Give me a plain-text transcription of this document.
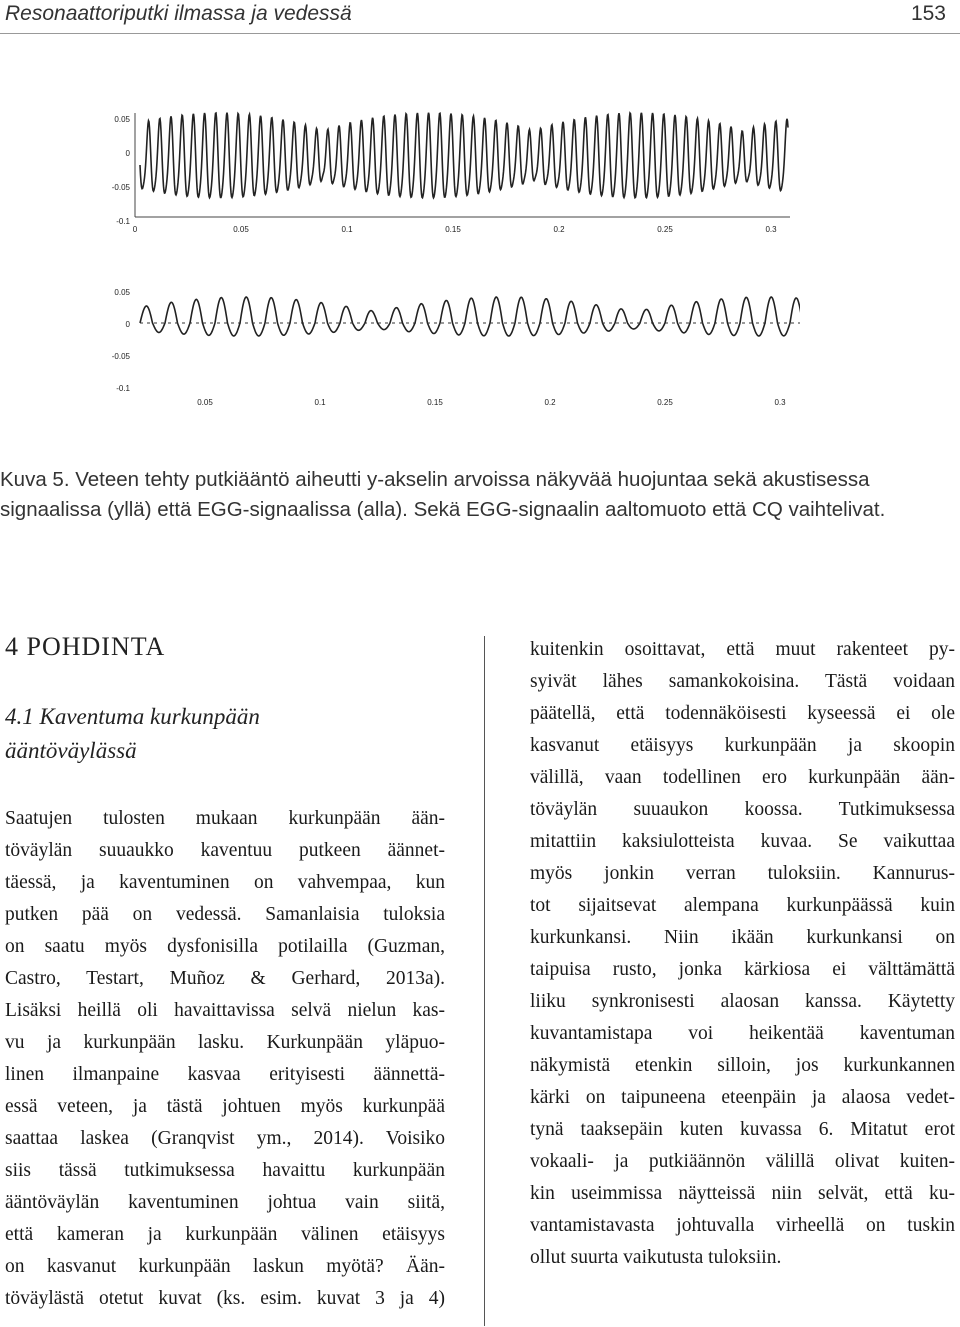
Resonaattoriputki ilmassa ja vedessä	153
0.05
0
-0.05
-0.1
0	0.05	0.1	0.15	0.2	0.25	0.3
0.05
0
-0.05
-0.1
0.05	0.1	0.15	0.2	0.25	0.3

Kuva 5. Veteen tehty putkiääntö aiheutti y-akselin arvoissa näkyvää huojuntaa sekä akustisessa signaalissa (yllä) että EGG-signaalissa (alla). Sekä EGG-signaalin aaltomuoto että CQ vaihtelivat.

4 POHDINTA
4.1 Kaventuma kurkunpään
ääntöväylässä
Saatujen tulosten mukaan kurkunpään ään-
töväylän suuaukko kaventuu putkeen äännet-
täessä, ja kaventuminen on vahvempaa, kun
putken pää on vedessä. Samanlaisia tuloksia
on saatu myös dysfonisilla potilailla (Guzman,
Castro, Testart, Muñoz & Gerhard, 2013a).
Lisäksi heillä oli havaittavissa selvä nielun kas-
vu ja kurkunpään lasku. Kurkunpään yläpuo-
linen ilmanpaine kasvaa erityisesti äännettä-
essä veteen, ja tästä johtuen myös kurkunpää
saattaa laskea (Granqvist ym., 2014). Voisiko
siis tässä tutkimuksessa havaittu kurkunpään
ääntöväylän kaventuminen johtua vain siitä,
että kameran ja kurkunpään välinen etäisyys
on kasvanut kurkunpään laskun myötä? Ään-
töväylästä otetut kuvat (ks. esim. kuvat 3 ja 4)
kuitenkin osoittavat, että muut rakenteet py-
syivät lähes samankokoisina. Tästä voidaan
päätellä, että todennäköisesti kyseessä ei ole
kasvanut etäisyys kurkunpään ja skoopin
välillä, vaan todellinen ero kurkunpään ään-
töväylän suuaukon koossa. Tutkimuksessa
mitattiin kaksiulotteista kuvaa. Se vaikuttaa
myös jonkin verran tuloksiin. Kannurus-
tot sijaitsevat alempana kurkunpäässä kuin
kurkunkansi. Niin ikään kurkunkansi on
taipuisa rusto, jonka kärkiosa ei välttämättä
liiku synkronisesti alaosan kanssa. Käytetty
kuvantamistapa voi heikentää kaventuman
näkymistä etenkin silloin, jos kurkunkannen
kärki on taipuneena eteenpäin ja alaosa vedet-
tynä taaksepäin kuten kuvassa 6. Mitatut erot
vokaali- ja putkiäännön välillä olivat kuiten-
kin useimmissa näytteissä niin selvät, että ku-
vantamistavasta johtuvalla virheellä on tuskin
ollut suurta vaikutusta tuloksiin.
